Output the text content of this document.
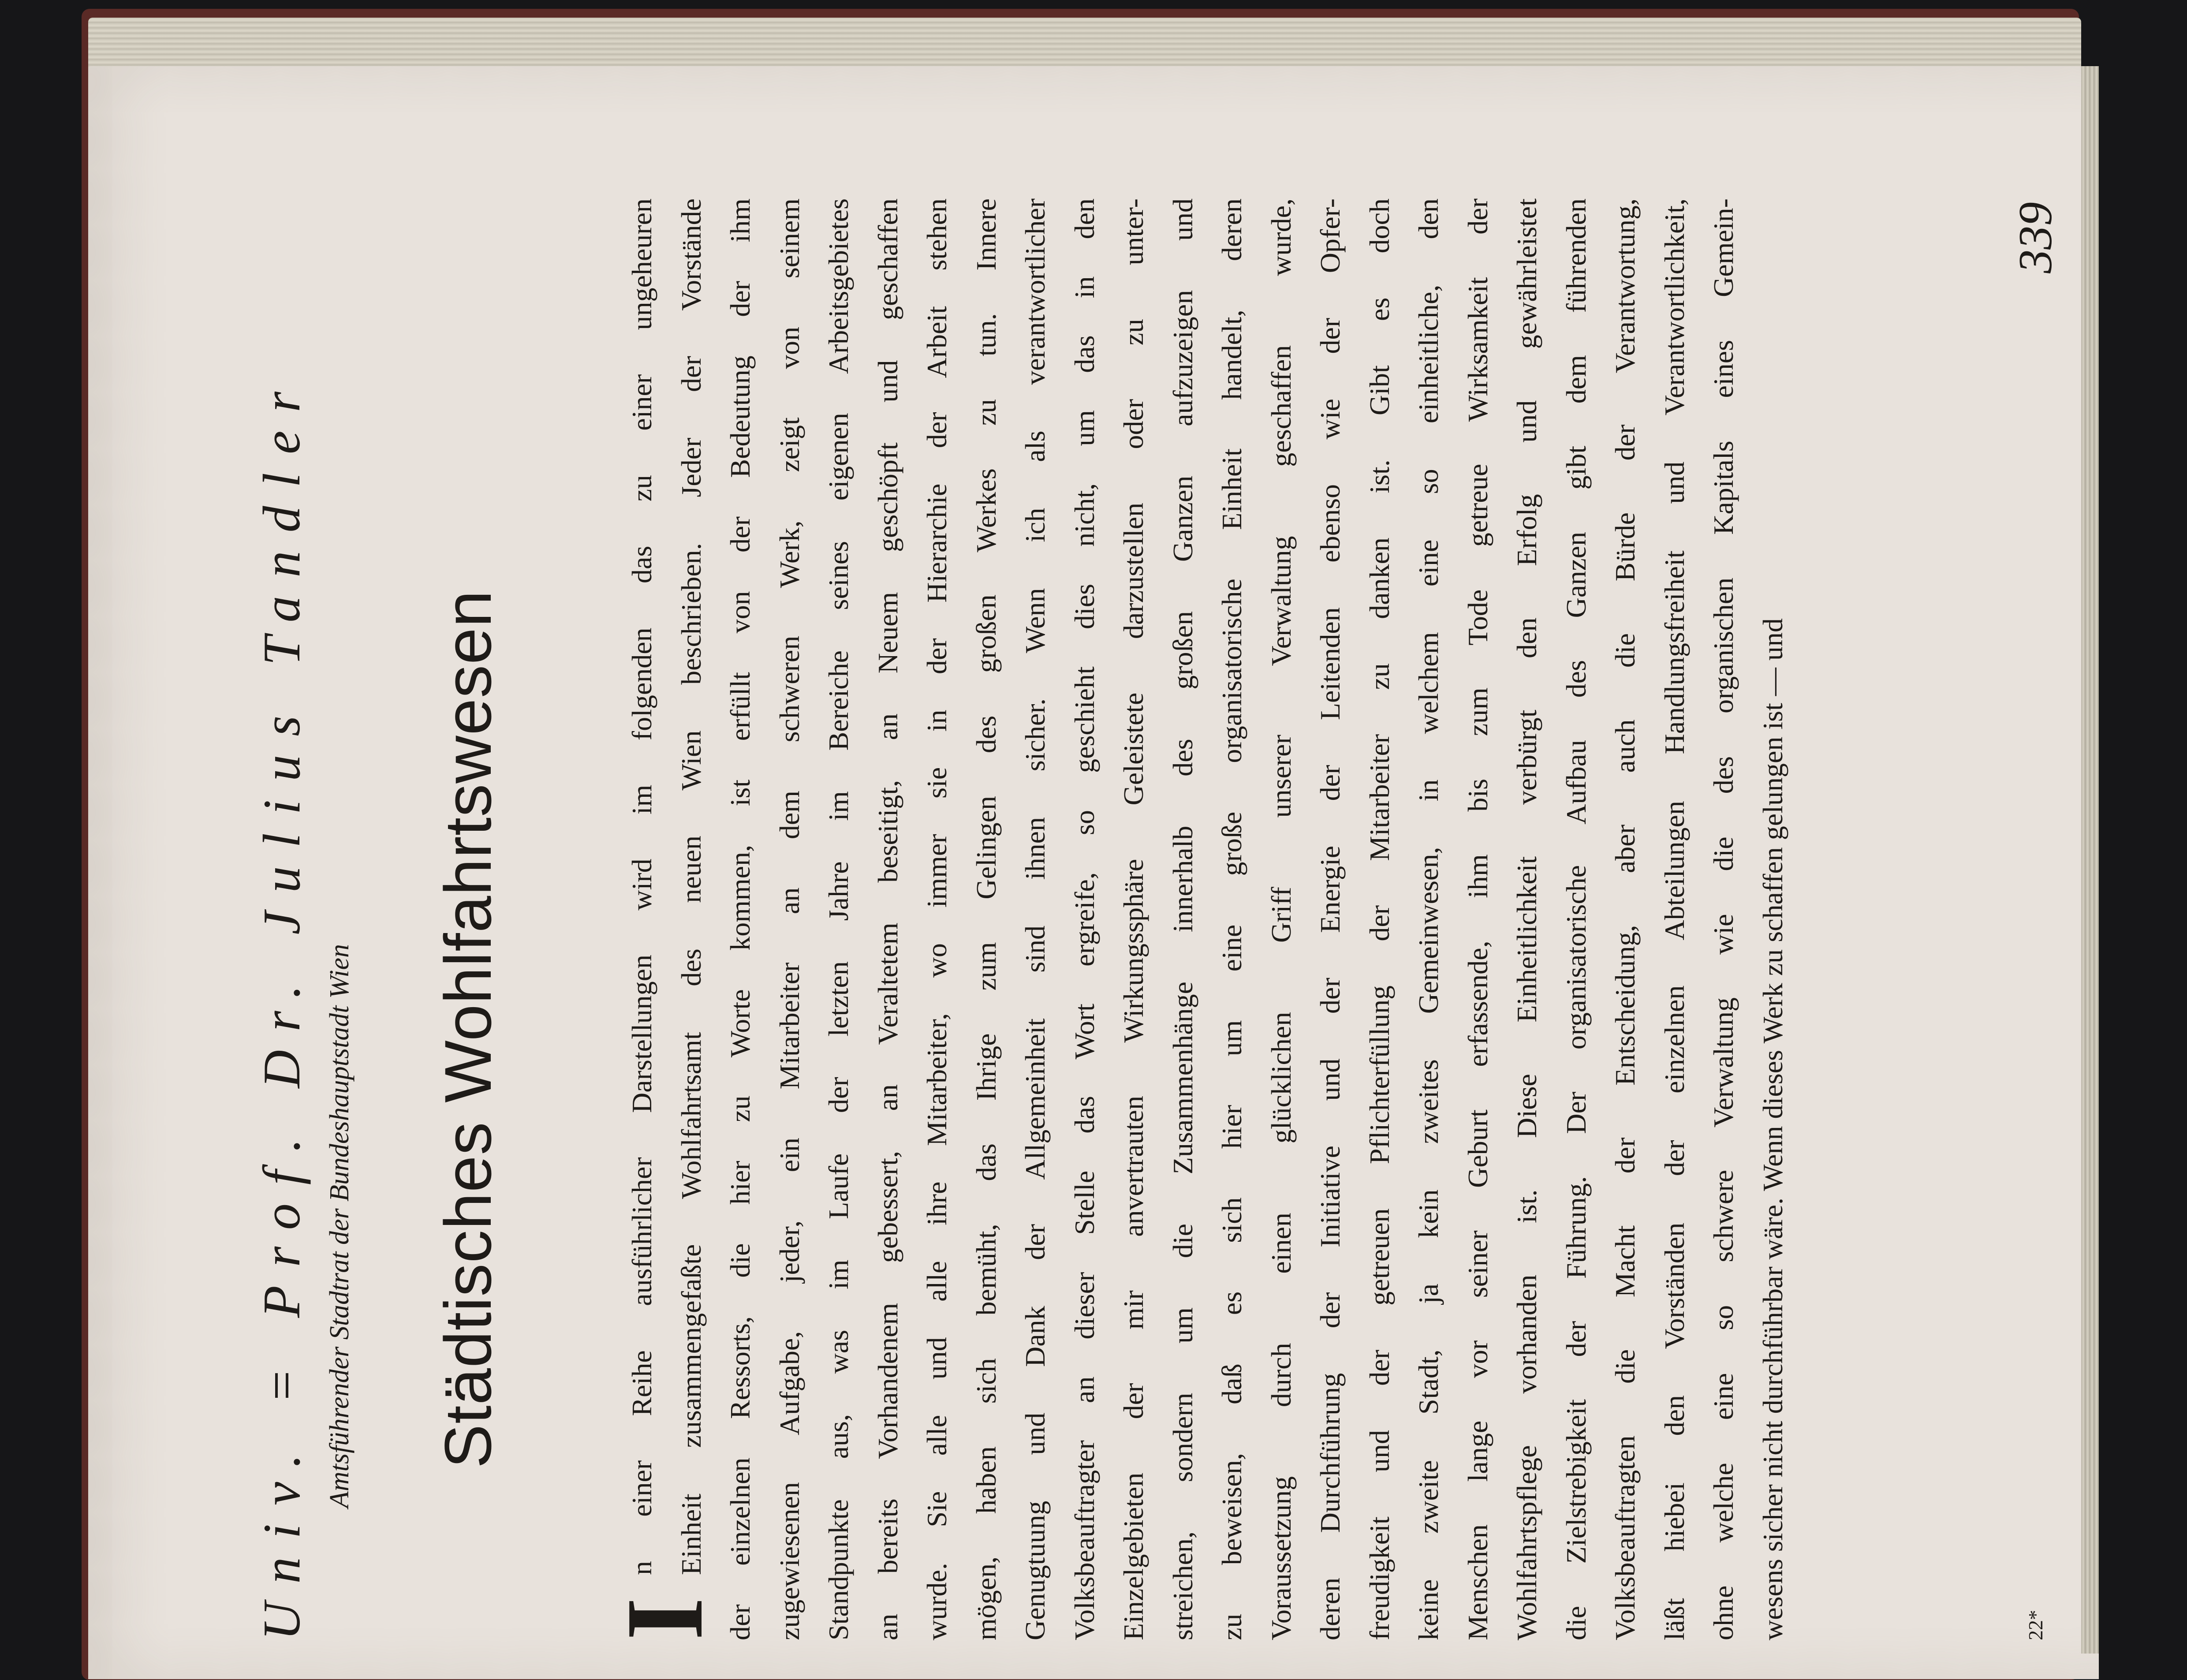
Univ. = Prof. Dr. Julius Tandler Amtsführender Stadtrat der Bundeshauptstadt Wien Städtisches Wohlfahrtswesen
I
n einer Reihe ausführlicher Darstellungen wird im folgenden das zu einer ungeheuren Einheit zusammengefaßte Wohlfahrtsamt des neuen Wien beschrieben. Jeder der Vorstände der einzelnen Ressorts, die hier zu Worte kommen, ist erfüllt von der Bedeutung der ihm zugewiesenen Aufgabe, jeder, ein Mitarbeiter an dem schweren Werk, zeigt von seinem Standpunkte aus, was im Laufe der letzten Jahre im Bereiche seines eigenen Arbeitsgebietes an bereits Vorhandenem gebessert, an Veraltetem beseitigt, an Neuem geschöpft und geschaffen wurde. Sie alle und alle ihre Mitarbeiter, wo immer sie in der Hierarchie der Arbeit stehen mögen, haben sich bemüht, das Ihrige zum Gelingen des großen Werkes zu tun. Innere Genugtuung und Dank der Allgemeinheit sind ihnen sicher. Wenn ich als verantwortlicher Volksbeauftragter an dieser Stelle das Wort ergreife, so geschieht dies nicht, um das in den Einzelgebieten der mir anvertrauten Wirkungssphäre Geleistete darzustellen oder zu unter- streichen, sondern um die Zusammenhänge innerhalb des großen Ganzen aufzuzeigen und zu beweisen, daß es sich hier um eine große organisatorische Einheit handelt, deren Voraussetzung durch einen glücklichen Griff unserer Verwaltung geschaffen wurde, deren Durchführung der Initiative und der Energie der Leitenden ebenso wie der Opfer- freudigkeit und der getreuen Pflichterfüllung der Mitarbeiter zu danken ist. Gibt es doch keine zweite Stadt, ja kein zweites Gemeinwesen, in welchem eine so einheitliche, den Menschen lange vor seiner Geburt erfassende, ihm bis zum Tode getreue Wirksamkeit der Wohlfahrtspflege vorhanden ist. Diese Einheitlichkeit verbürgt den Erfolg und gewährleistet die Zielstrebigkeit der Führung. Der organisatorische Aufbau des Ganzen gibt dem führenden Volksbeauftragten die Macht der Entscheidung, aber auch die Bürde der Verantwortung, läßt hiebei den Vorständen der einzelnen Abteilungen Handlungsfreiheit und Verantwortlichkeit, ohne welche eine so schwere Verwaltung wie die des organischen Kapitals eines Gemein- wesens sicher nicht durchführbar wäre. Wenn dieses Werk zu schaffen gelungen ist — und	22*
339
